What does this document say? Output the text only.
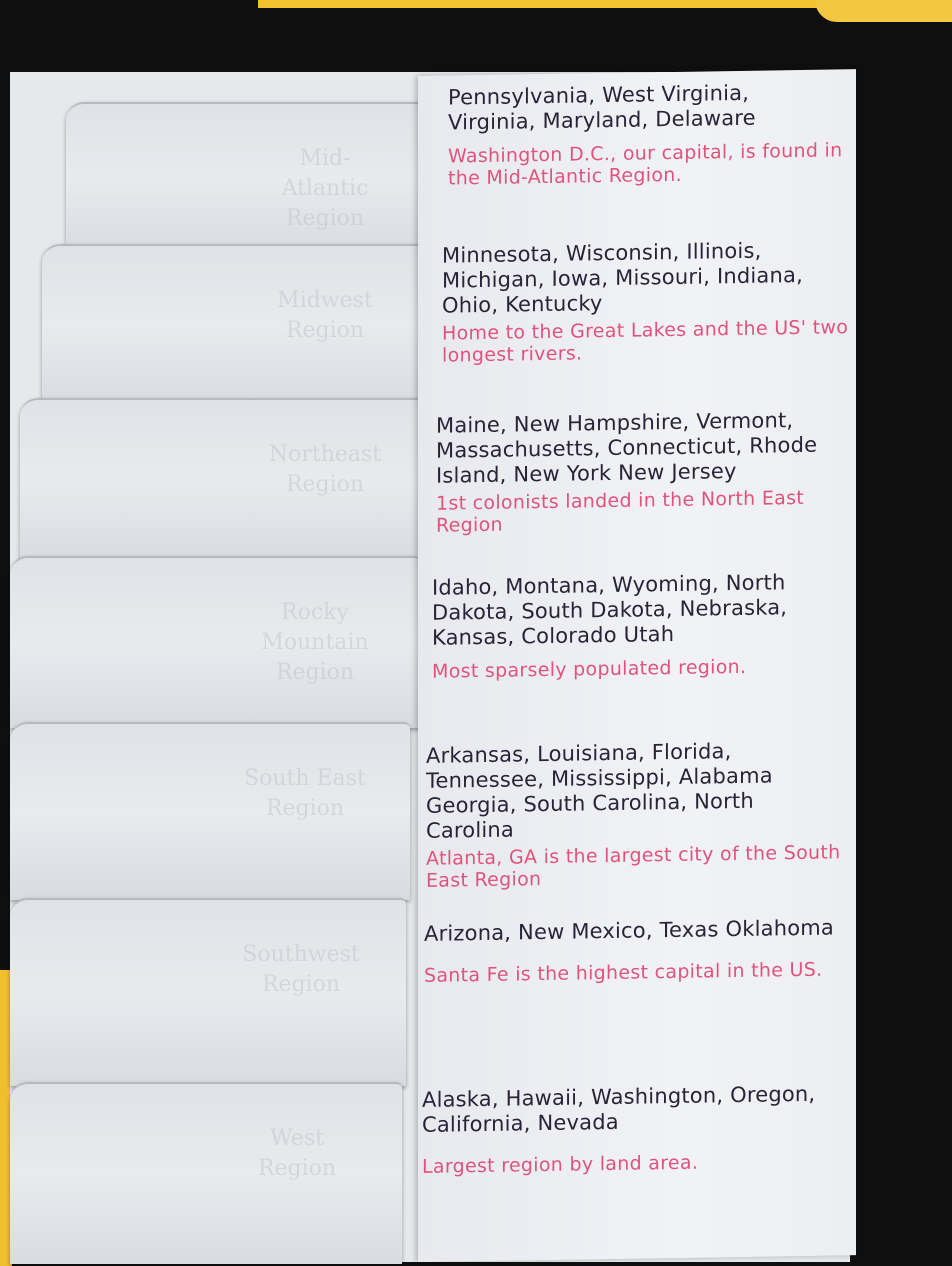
Mid-Atlantic Region
Midwest Region
Northeast Region
Rocky Mountain Region
South East Region
Southwest Region
West Region
Pennsylvania, West Virginia, Virginia, Maryland, Delaware
Washington D.C., our capital, is found in the Mid-Atlantic Region.
Minnesota, Wisconsin, Illinois, Michigan, Iowa, Missouri, Indiana, Ohio, Kentucky
Home to the Great Lakes and the US' two longest rivers.
Maine, New Hampshire, Vermont, Massachusetts, Connecticut, Rhode Island, New York New Jersey
1st colonists landed in the North East Region
Idaho, Montana, Wyoming, North Dakota, South Dakota, Nebraska, Kansas, Colorado Utah
Most sparsely populated region.
Arkansas, Louisiana, Florida, Tennessee, Mississippi, Alabama Georgia, South Carolina, North Carolina
Atlanta, GA is the largest city of the South East Region
Arizona, New Mexico, Texas Oklahoma
Santa Fe is the highest capital in the US.
Alaska, Hawaii, Washington, Oregon, California, Nevada
Largest region by land area.
